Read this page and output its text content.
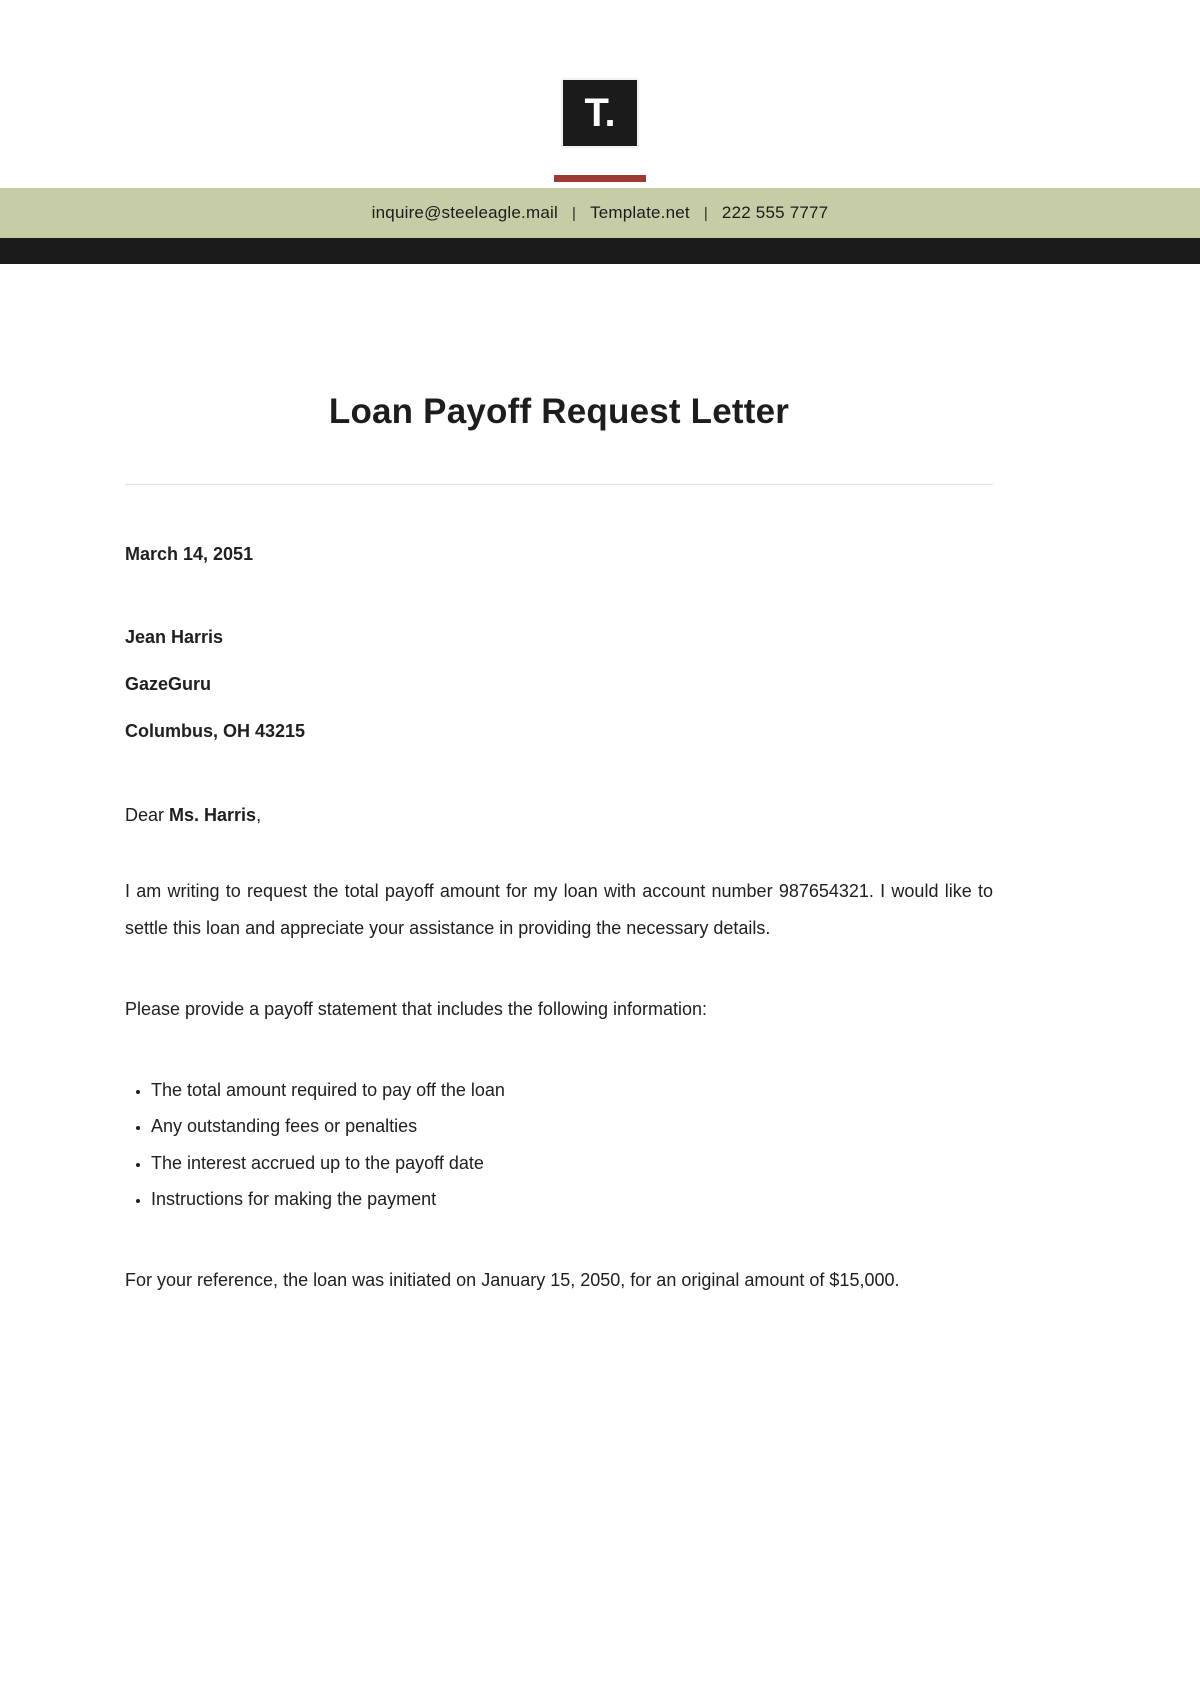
T.
inquire@steeleagle.mail | Template.net | 222 555 7777
Loan Payoff Request Letter

March 14, 2051

Jean Harris

GazeGuru

Columbus, OH 43215

Dear Ms. Harris,

I am writing to request the total payoff amount for my loan with account number 987654321. I would like to settle this loan and appreciate your assistance in providing the necessary details.

Please provide a payoff statement that includes the following information:

• The total amount required to pay off the loan
• Any outstanding fees or penalties
• The interest accrued up to the payoff date
• Instructions for making the payment

For your reference, the loan was initiated on January 15, 2050, for an original amount of $15,000.
